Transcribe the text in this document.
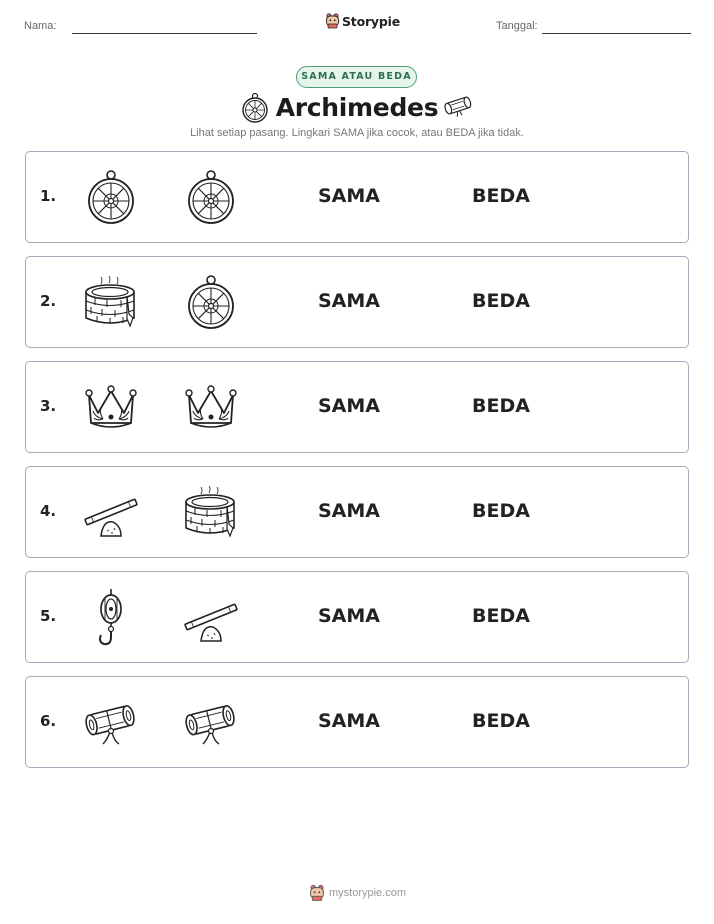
Nama:	Storypie	Tanggal:
SAMA ATAU BEDA
Archimedes
Lihat setiap pasang. Lingkari SAMA jika cocok, atau BEDA jika tidak.
1.	SAMA	BEDA
2.	SAMA	BEDA
3.	SAMA	BEDA
4.	SAMA	BEDA
5.	SAMA	BEDA
6.	SAMA	BEDA
mystorypie.com
